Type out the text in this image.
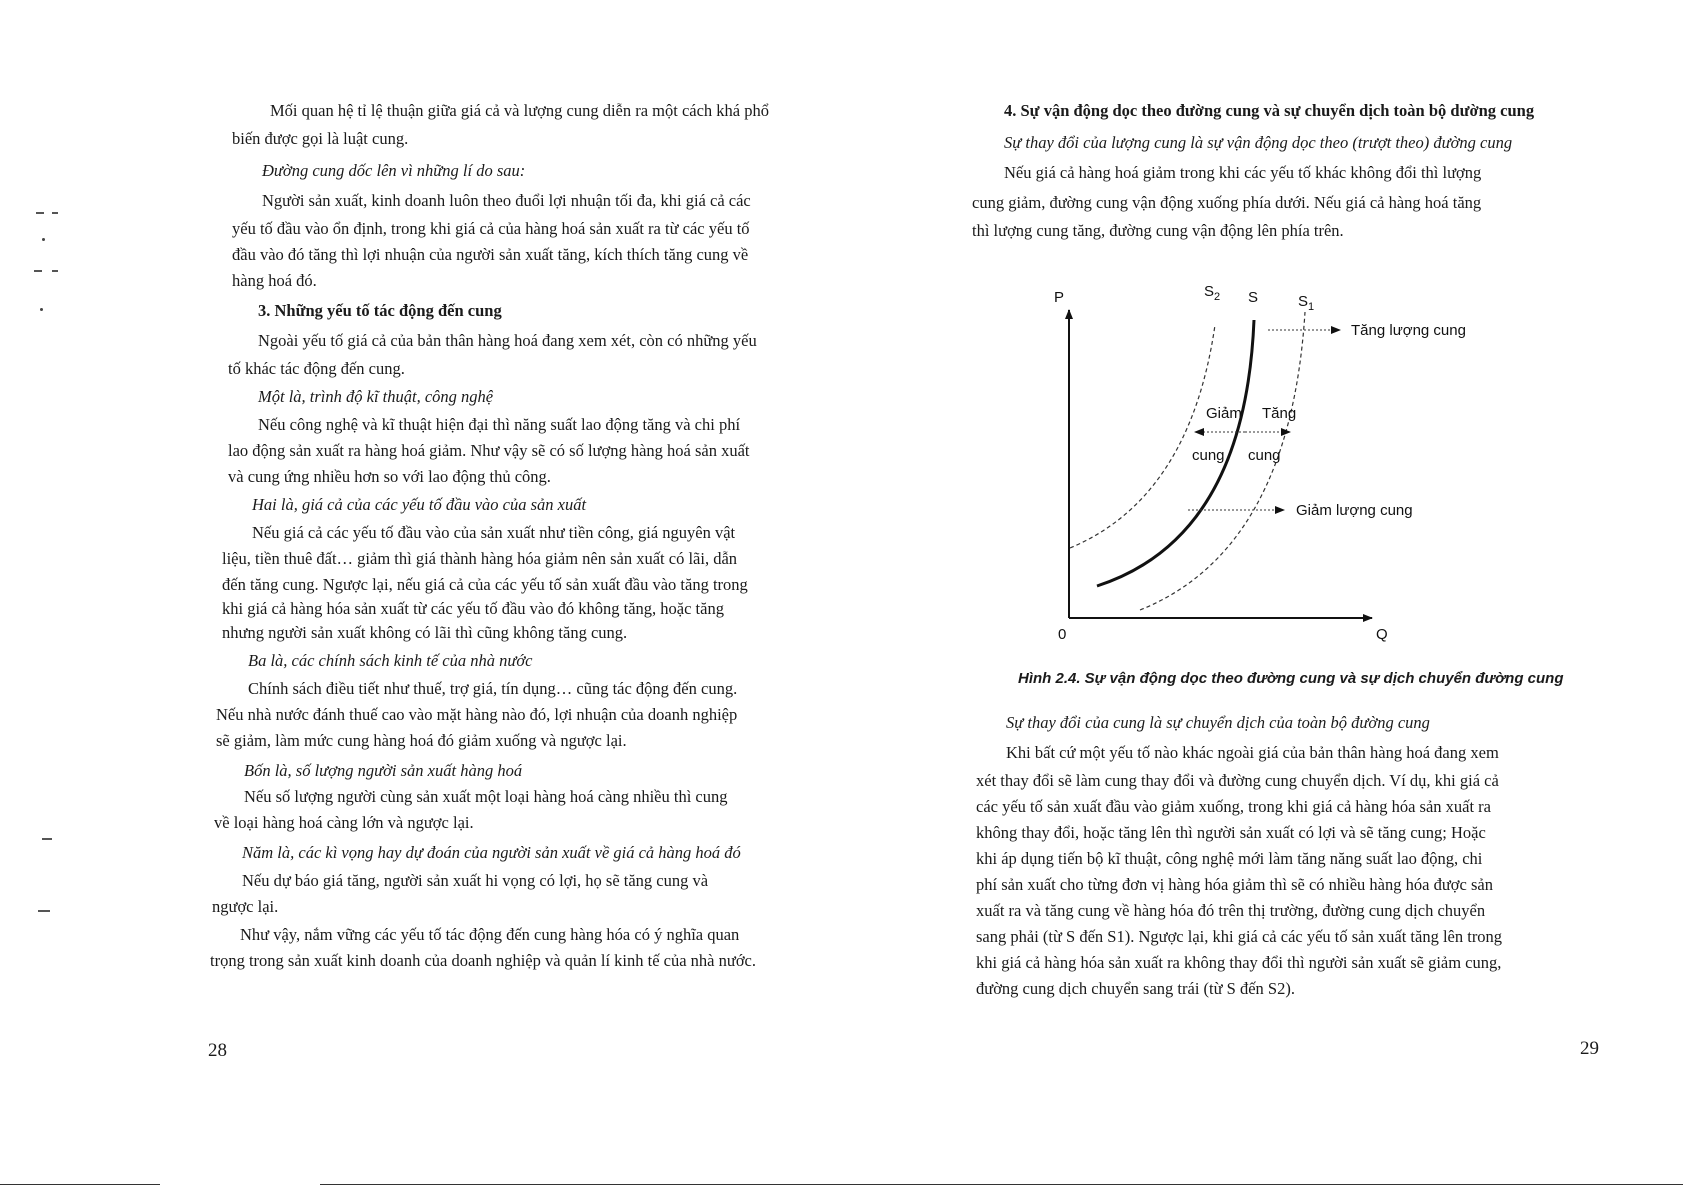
Mối quan hệ tỉ lệ thuận giữa giá cả và lượng cung diễn ra một cách khá phổ
biến được gọi là luật cung.
Đường cung dốc lên vì những lí do sau:
Người sản xuất, kinh doanh luôn theo đuổi lợi nhuận tối đa, khi giá cả các
yếu tố đầu vào ổn định, trong khi giá cả của hàng hoá sản xuất ra từ các yếu tố
đầu vào đó tăng thì lợi nhuận của người sản xuất tăng, kích thích tăng cung về
hàng hoá đó.
3. Những yếu tố tác động đến cung
Ngoài yếu tố giá cả của bản thân hàng hoá đang xem xét, còn có những yếu
tố khác tác động đến cung.
Một là, trình độ kĩ thuật, công nghệ
Nếu công nghệ và kĩ thuật hiện đại thì năng suất lao động tăng và chi phí
lao động sản xuất ra hàng hoá giảm. Như vậy sẽ có số lượng hàng hoá sản xuất
và cung ứng nhiều hơn so với lao động thủ công.
Hai là, giá cả của các yếu tố đầu vào của sản xuất
Nếu giá cả các yếu tố đầu vào của sản xuất như tiền công, giá nguyên vật
liệu, tiền thuê đất… giảm thì giá thành hàng hóa giảm nên sản xuất có lãi, dẫn
đến tăng cung. Ngược lại, nếu giá cả của các yếu tố sản xuất đầu vào tăng trong
khi giá cả hàng hóa sản xuất từ các yếu tố đầu vào đó không tăng, hoặc tăng
nhưng người sản xuất không có lãi thì cũng không tăng cung.
Ba là, các chính sách kinh tế của nhà nước
Chính sách điều tiết như thuế, trợ giá, tín dụng… cũng tác động đến cung.
Nếu nhà nước đánh thuế cao vào mặt hàng nào đó, lợi nhuận của doanh nghiệp
sẽ giảm, làm mức cung hàng hoá đó giảm xuống và ngược lại.
Bốn là, số lượng người sản xuất hàng hoá
Nếu số lượng người cùng sản xuất một loại hàng hoá càng nhiều thì cung
về loại hàng hoá càng lớn và ngược lại.
Năm là, các kì vọng hay dự đoán của người sản xuất về giá cả hàng hoá đó
Nếu dự báo giá tăng, người sản xuất hi vọng có lợi, họ sẽ tăng cung và
ngược lại.
Như vậy, nắm vững các yếu tố tác động đến cung hàng hóa có ý nghĩa quan
trọng trong sản xuất kinh doanh của doanh nghiệp và quản lí kinh tế của nhà nước.
4. Sự vận động dọc theo đường cung và sự chuyển dịch toàn bộ dường cung
Sự thay đổi của lượng cung là sự vận động dọc theo (trượt theo) đường cung
Nếu giá cả hàng hoá giảm trong khi các yếu tố khác không đổi thì lượng
cung giảm, đường cung vận động xuống phía dưới. Nếu giá cả hàng hoá tăng
thì lượng cung tăng, đường cung vận động lên phía trên.
Sự thay đổi của cung là sự chuyển dịch của toàn bộ đường cung
Khi bất cứ một yếu tố nào khác ngoài giá của bản thân hàng hoá đang xem
xét thay đổi sẽ làm cung thay đổi và đường cung chuyển dịch. Ví dụ, khi giá cả
các yếu tố sản xuất đầu vào giảm xuống, trong khi giá cả hàng hóa sản xuất ra
không thay đổi, hoặc tăng lên thì người sản xuất có lợi và sẽ tăng cung; Hoặc
khi áp dụng tiến bộ kĩ thuật, công nghệ mới làm tăng năng suất lao động, chi
phí sản xuất cho từng đơn vị hàng hóa giảm thì sẽ có nhiều hàng hóa được sản
xuất ra và tăng cung về hàng hóa đó trên thị trường, đường cung dịch chuyển
sang phải (từ S đến S1). Ngược lại, khi giá cả các yếu tố sản xuất tăng lên trong
khi giá cả hàng hóa sản xuất ra không thay đổi thì người sản xuất sẽ giảm cung,
đường cung dịch chuyển sang trái (từ S đến S2).
P
Q
0
$S_2$ S	$S_1$
Tăng lượng cung
Giảm lượng cung
Giảm
cung
Tăng
cung
Hình 2.4. Sự vận động dọc theo đường cung và sự dịch chuyển đường cung
28	29
